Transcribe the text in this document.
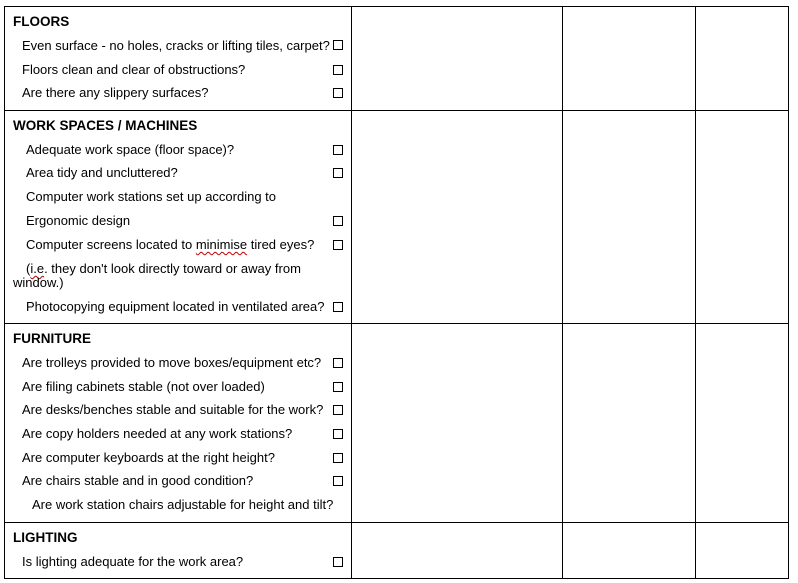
FLOORS
Even surface - no holes, cracks or lifting tiles, carpet?
Floors clean and clear of obstructions?
Are there any slippery surfaces?
WORK SPACES / MACHINES
Adequate work space (floor space)?
Area tidy and uncluttered?
Computer work stations set up according to
Ergonomic design
Computer screens located to minimise tired eyes?
(i.e. they don't look directly toward or away from
window.)
Photocopying equipment located in ventilated area?
FURNITURE
Are trolleys provided to move boxes/equipment etc?
Are filing cabinets stable (not over loaded)
Are desks/benches stable and suitable for the work?
Are copy holders needed at any work stations?
Are computer keyboards at the right height?
Are chairs stable and in good condition?
Are work station chairs adjustable for height and tilt?
LIGHTING
Is lighting adequate for the work area?
